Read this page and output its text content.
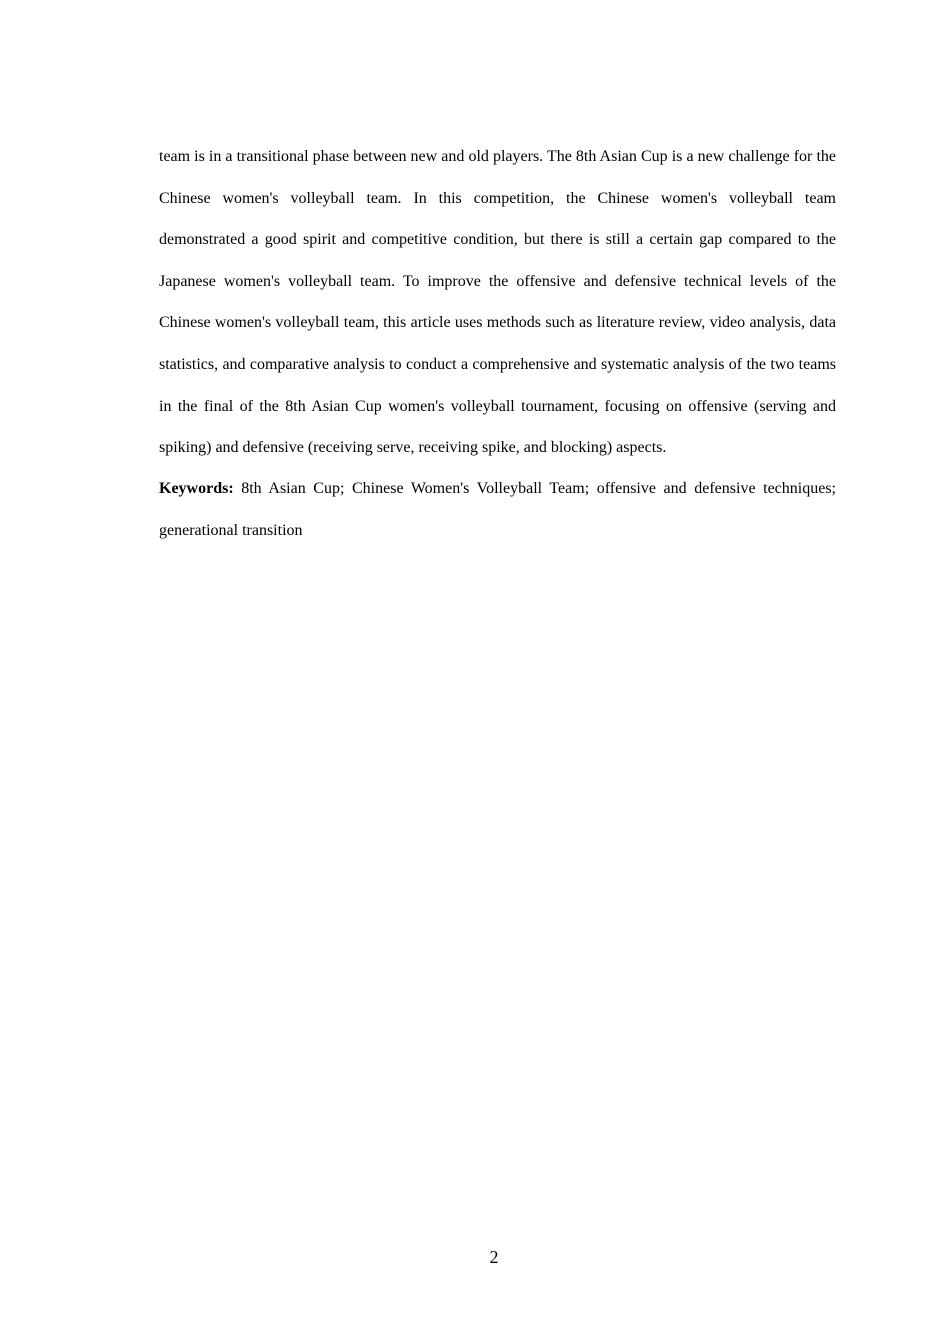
team is in a transitional phase between new and old players. The 8th Asian Cup is a new challenge for the Chinese women's volleyball team. In this competition, the Chinese women's volleyball team demonstrated a good spirit and competitive condition, but there is still a certain gap compared to the Japanese women's volleyball team. To improve the offensive and defensive technical levels of the Chinese women's volleyball team, this article uses methods such as literature review, video analysis, data statistics, and comparative analysis to conduct a comprehensive and systematic analysis of the two teams in the final of the 8th Asian Cup women's volleyball tournament, focusing on offensive (serving and spiking) and defensive (receiving serve, receiving spike, and blocking) aspects.

Keywords: 8th Asian Cup; Chinese Women's Volleyball Team; offensive and defensive techniques; generational transition

2
